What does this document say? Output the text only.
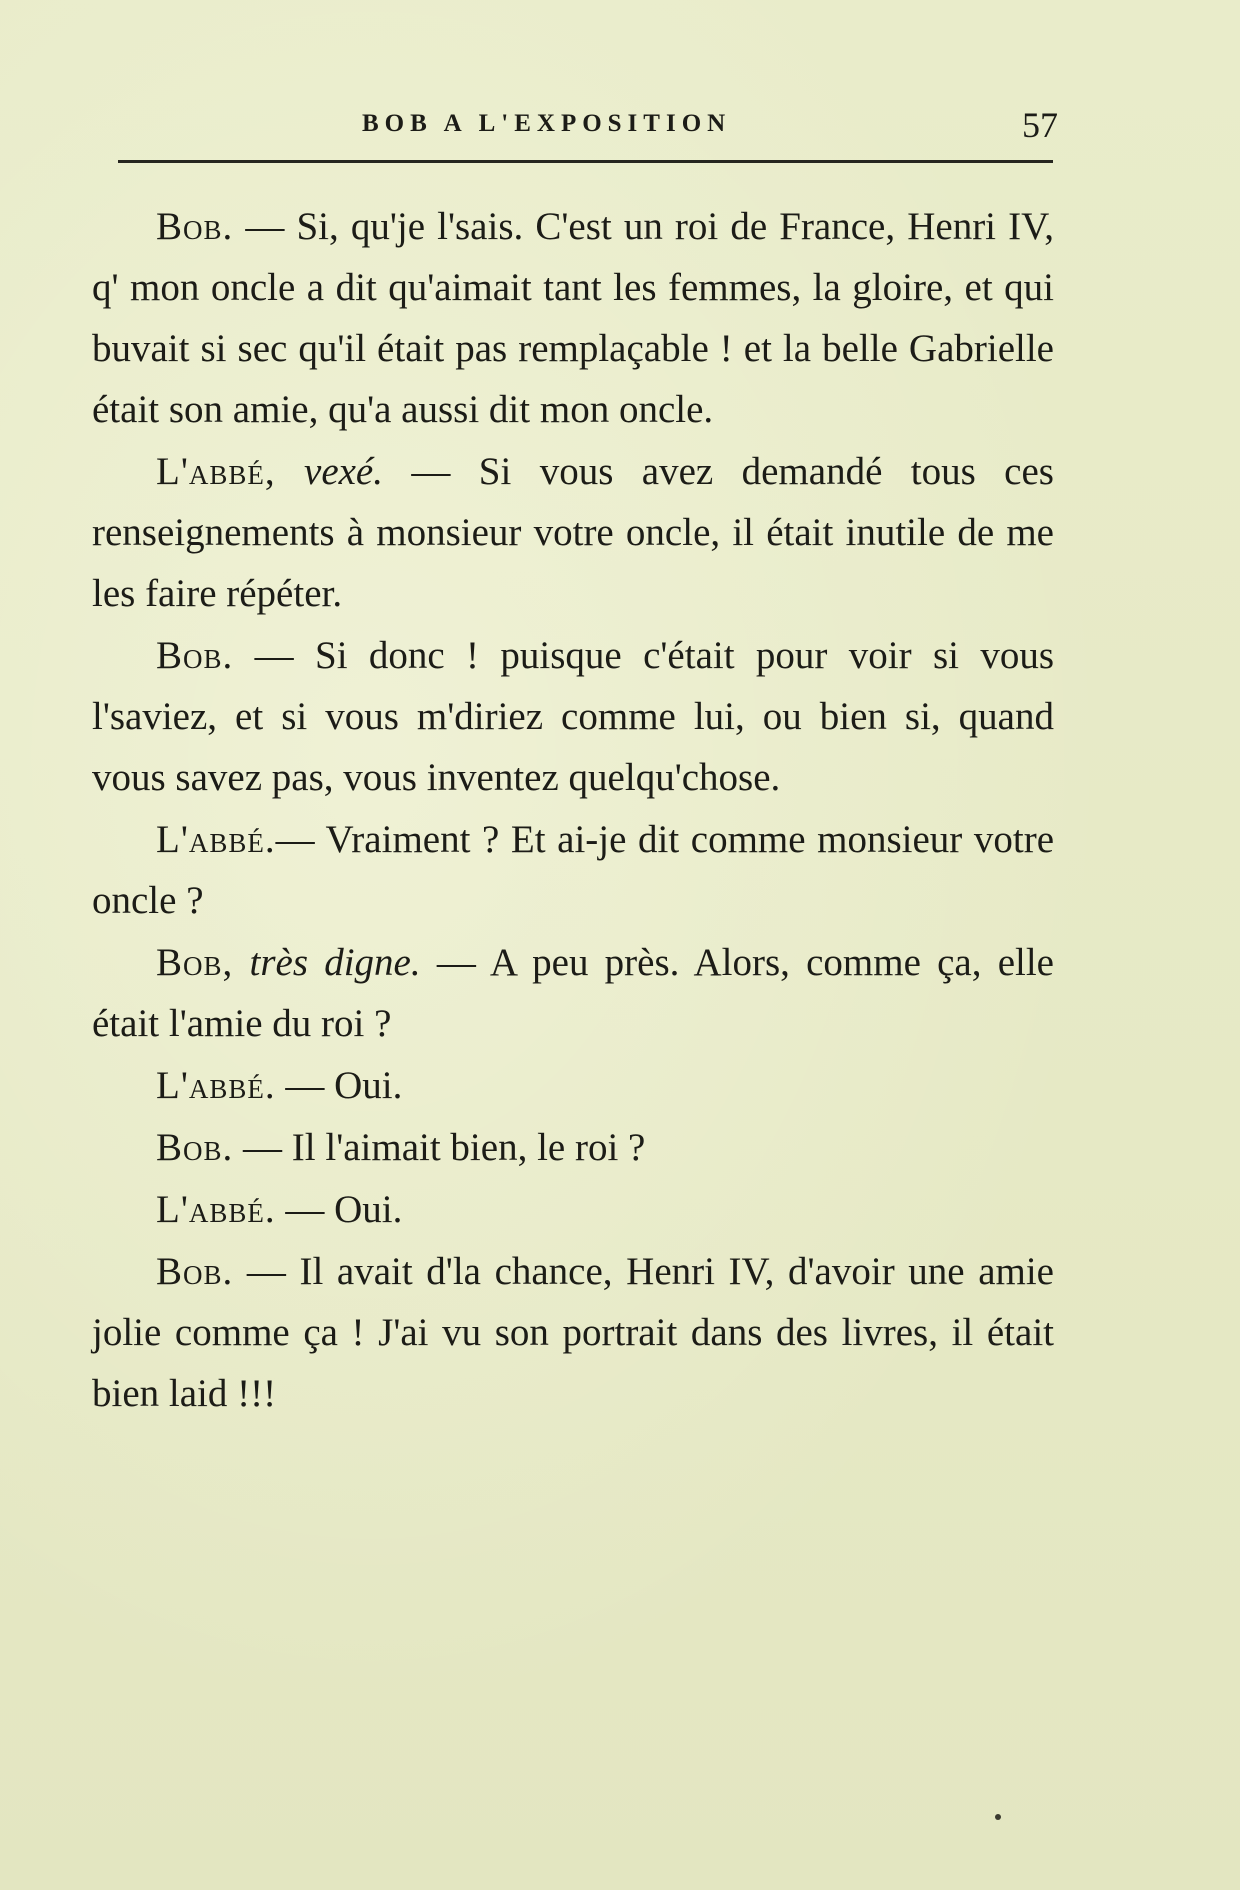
BOB A L'EXPOSITION	57

Bob. — Si, qu'je l'sais. C'est un roi de France, Henri IV, q' mon oncle a dit qu'aimait tant les femmes, la gloire, et qui buvait si sec qu'il était pas remplaçable ! et la belle Gabrielle était son amie, qu'a aussi dit mon oncle.

L'abbé, vexé. — Si vous avez demandé tous ces renseignements à monsieur votre oncle, il était inutile de me les faire répéter.

Bob. — Si donc ! puisque c'était pour voir si vous l'saviez, et si vous m'diriez comme lui, ou bien si, quand vous savez pas, vous inventez quelqu'chose.

L'abbé.— Vraiment ? Et ai-je dit comme monsieur votre oncle ?

Bob, très digne. — A peu près. Alors, comme ça, elle était l'amie du roi ?

L'abbé. — Oui.

Bob. — Il l'aimait bien, le roi ?

L'abbé. — Oui.

Bob. — Il avait d'la chance, Henri IV, d'avoir une amie jolie comme ça ! J'ai vu son portrait dans des livres, il était bien laid !!!
